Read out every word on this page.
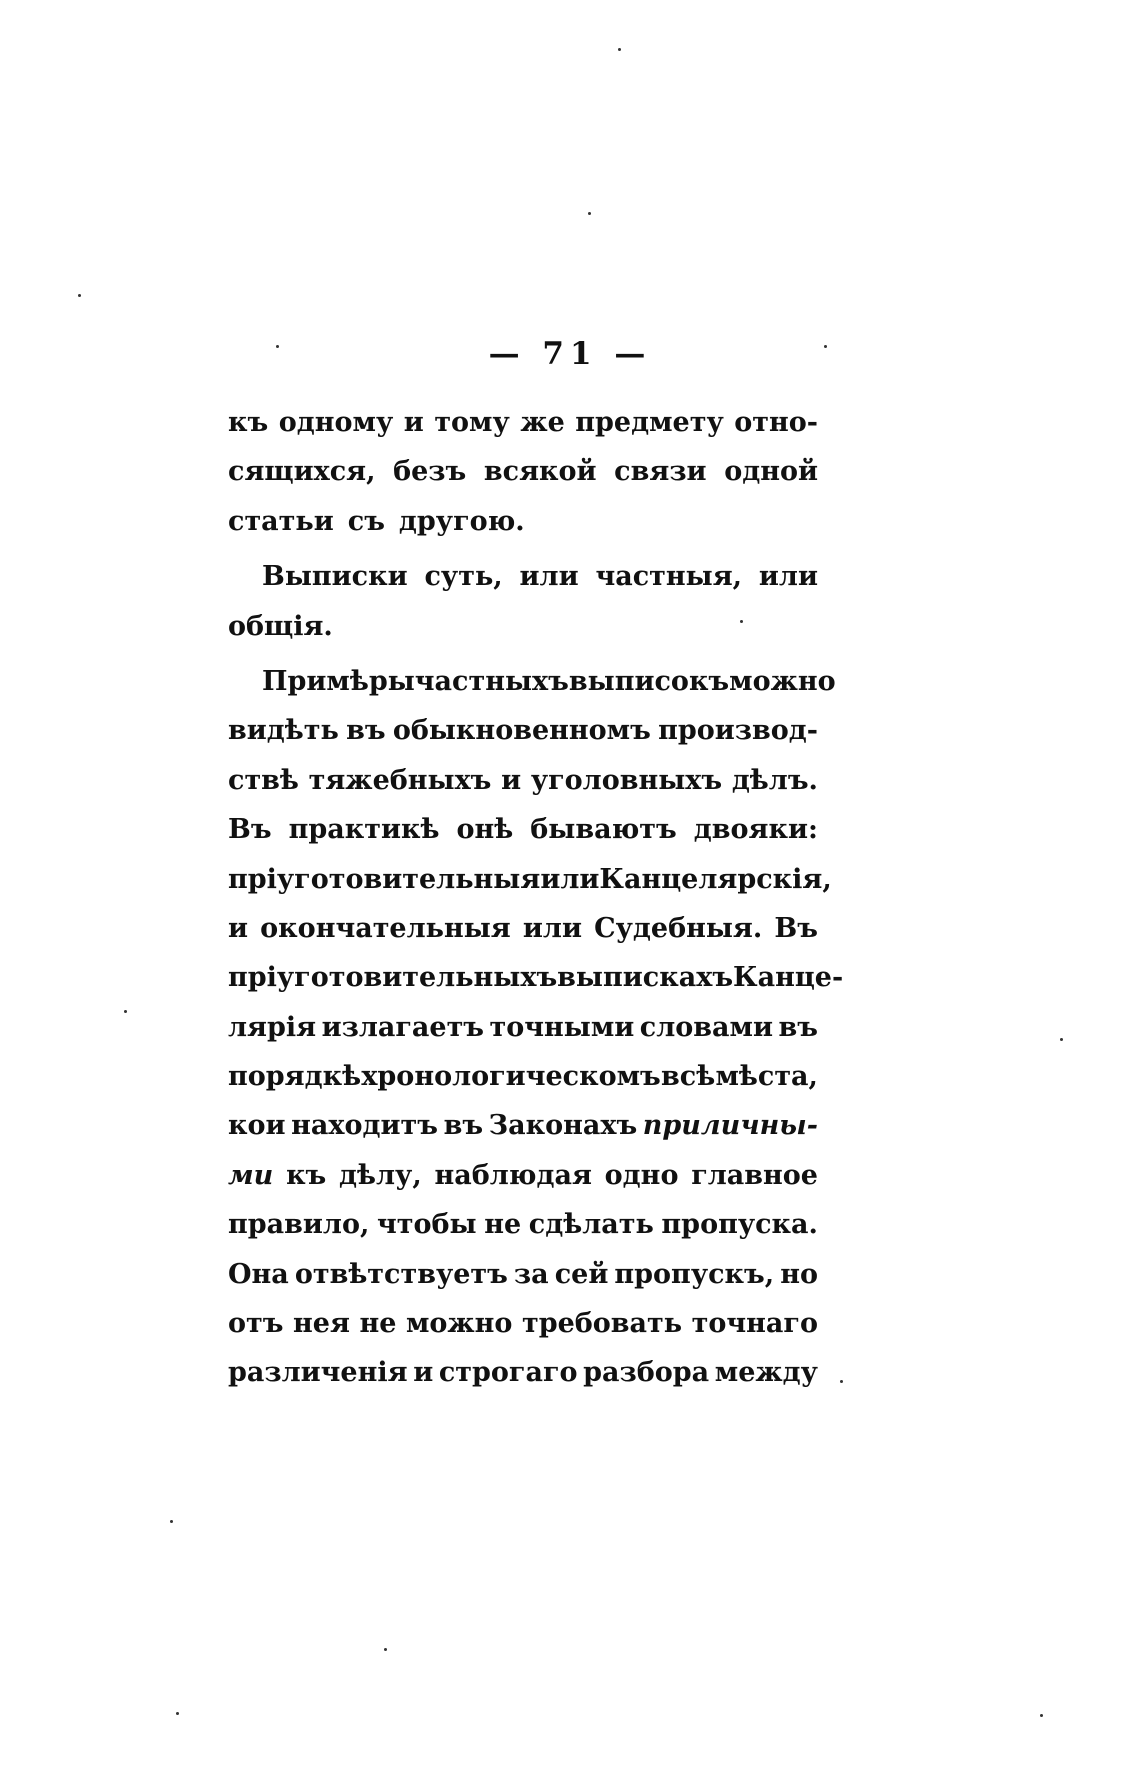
— 71 —
къ одному и тому же предмету отно-
сящихся, безъ всякой связи одной
статьи съ другою.
Выписки суть, или частныя, или
общiя.
Примѣры частныхъ выписокъ можно
видѣть въ обыкновенномъ производ-
ствѣ тяжебныхъ и уголовныхъ дѣлъ.
Въ практикѣ онѣ бываютъ двояки:
прiуготовительныя или Канцелярскiя,
и окончательныя или Судебныя. Въ
прiуготовительныхъ выпискахъ Канце-
лярiя излагаетъ точными словами въ
порядкѣ хронологическомъ всѣ мѣста,
кои находитъ въ Законахъ приличны-
ми къ дѣлу, наблюдая одно главное
правило, чтобы не сдѣлать пропуска.
Она отвѣтствуетъ за сей пропускъ, но
отъ нея не можно требовать точнаго
различенiя и строгаго разбора между
